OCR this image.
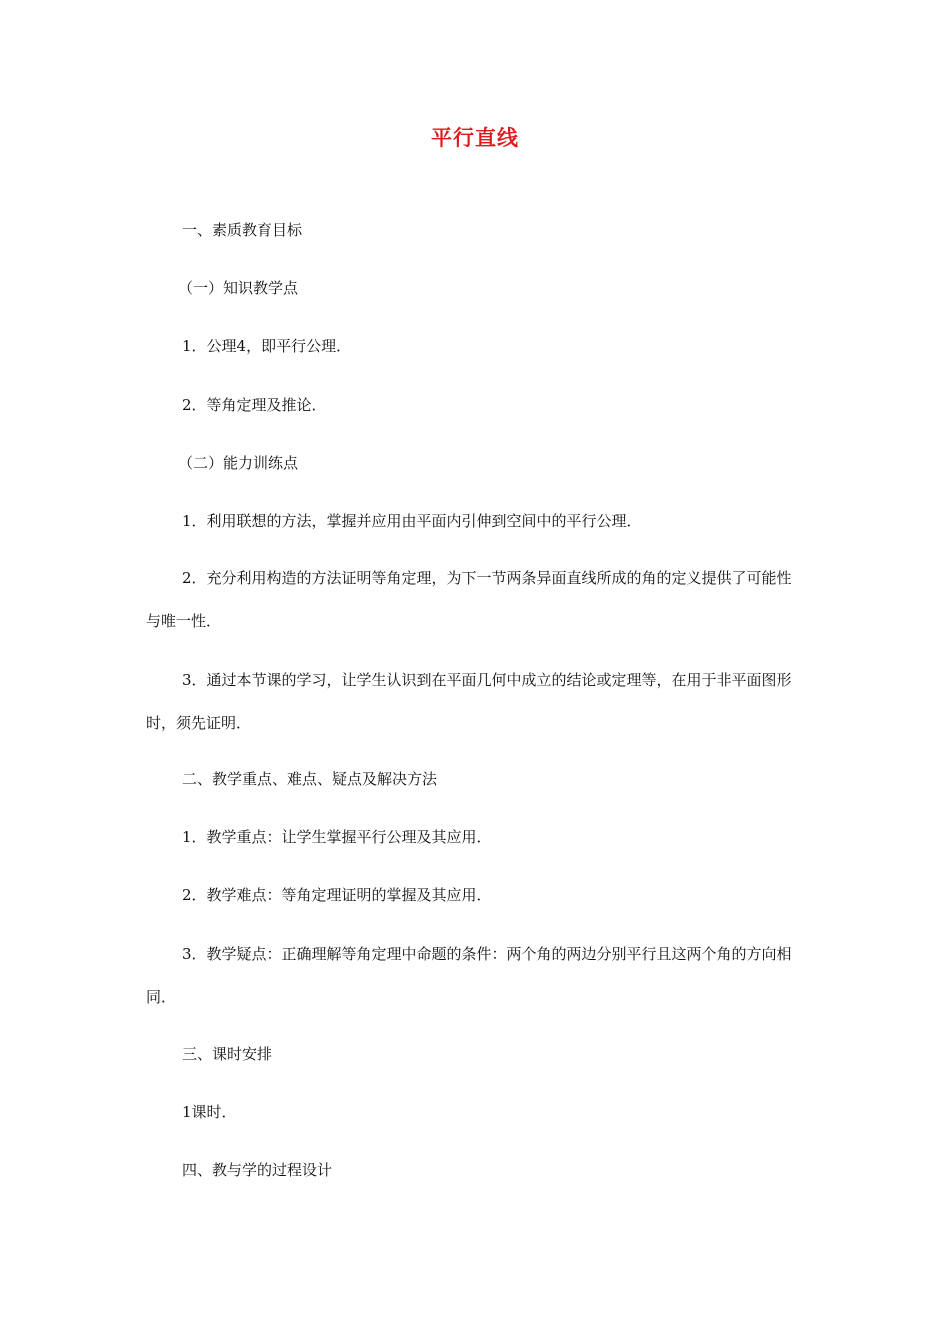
平行直线

一、素质教育目标

（一）知识教学点

1．公理4，即平行公理．

2．等角定理及推论．

（二）能力训练点

1．利用联想的方法，掌握并应用由平面内引伸到空间中的平行公理．

2．充分利用构造的方法证明等角定理，为下一节两条异面直线所成的角的定义提供了可能性与唯一性．

3．通过本节课的学习，让学生认识到在平面几何中成立的结论或定理等，在用于非平面图形时，须先证明．

二、教学重点、难点、疑点及解决方法

1．教学重点：让学生掌握平行公理及其应用．

2．教学难点：等角定理证明的掌握及其应用．

3．教学疑点：正确理解等角定理中命题的条件：两个角的两边分别平行且这两个角的方向相同．

三、课时安排

1课时．

四、教与学的过程设计
